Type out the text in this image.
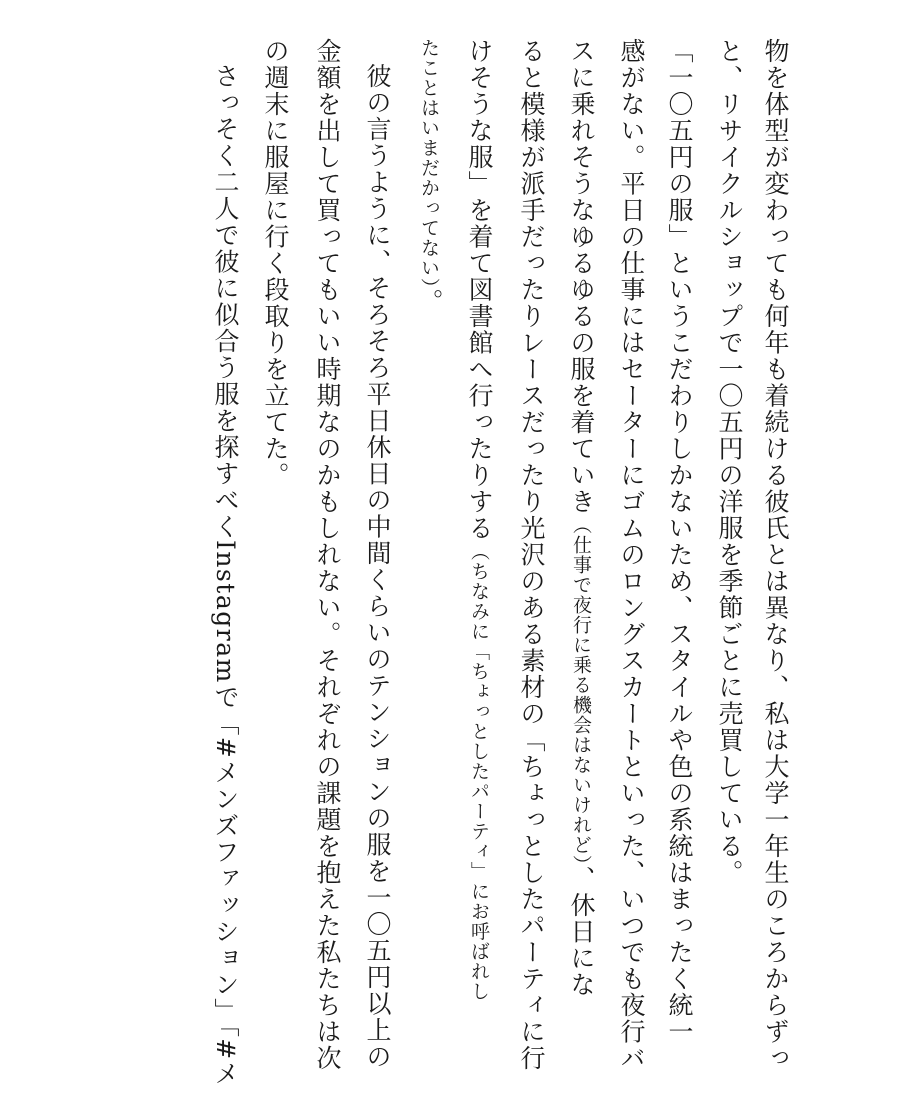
物を体型が変わっても何年も着続ける彼氏とは異なり、私は大学一年生のころからずっ
と、リサイクルショップで一〇五円の洋服を季節ごとに売買している。
感がない。平日の仕事にはセーターにゴムのロングスカートといった、いつでも夜行バ 「一〇五円の服」というこだわりしかないため、スタイルや色の系統はまったく統一
スに乗れそうなゆるゆるの服を着ていき（仕事で夜行に乗る機会はないけれど）、休日にな
ると模様が派手だったりレースだったり光沢のある素材の「ちょっとしたパーティに行
けそうな服」を着て図書館へ行ったりする（ちなみに「ちょっとしたパーティ」にお呼ばれし
たことはいまだかってない）。
彼の言うように、そろそろ平日休日の中間くらいのテンションの服を一〇五円以上の
金額を出して買ってもいい時期なのかもしれない。それぞれの課題を抱えた私たちは次
の週末に服屋に行く段取りを立てた。
さっそく二人で彼に似合う服を探すべくInstagramで「#メンズファッション」「#メ
